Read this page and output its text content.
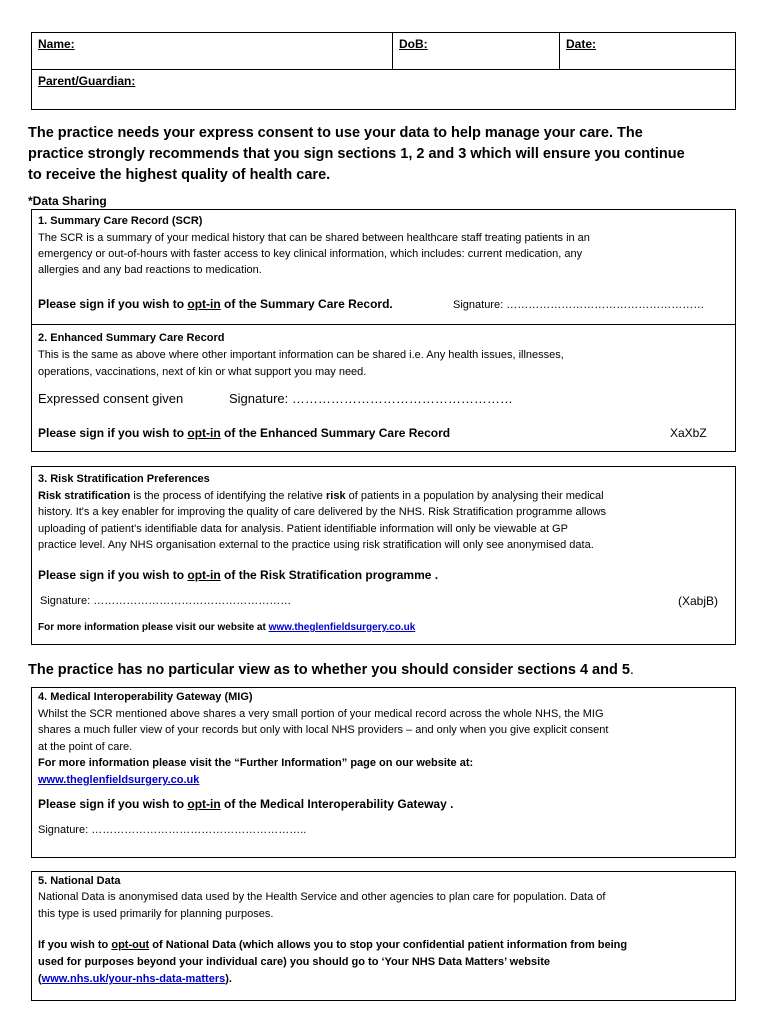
Name:	DoB:	Date:
Parent/Guardian:
The practice needs your express consent to use your data to help manage your care. The
practice strongly recommends that you sign sections 1, 2 and 3 which will ensure you continue
to receive the highest quality of health care.
*Data Sharing
1. Summary Care Record (SCR)
The SCR is a summary of your medical history that can be shared between healthcare staff treating patients in an
emergency or out-of-hours with faster access to key clinical information, which includes: current medication, any
allergies and any bad reactions to medication.
Please sign if you wish to opt-in of the Summary Care Record.	Signature: ………………………………………………
2. Enhanced Summary Care Record
This is the same as above where other important information can be shared i.e. Any health issues, illnesses,
operations, vaccinations, next of kin or what support you may need.
Expressed consent given	Signature: ……………………………………………
Please sign if you wish to opt-in of the Enhanced Summary Care Record	XaXbZ
3. Risk Stratification Preferences
Risk stratification is the process of identifying the relative risk of patients in a population by analysing their medical
history. It's a key enabler for improving the quality of care delivered by the NHS. Risk Stratification programme allows
uploading of patient’s identifiable data for analysis. Patient identifiable information will only be viewable at GP
practice level. Any NHS organisation external to the practice using risk stratification will only see anonymised data.
Please sign if you wish to opt-in of the Risk Stratification programme .
Signature: ………………………………………………	(XabjB)
For more information please visit our website at www.theglenfieldsurgery.co.uk
The practice has no particular view as to whether you should consider sections 4 and 5.
4. Medical Interoperability Gateway (MIG)
Whilst the SCR mentioned above shares a very small portion of your medical record across the whole NHS, the MIG
shares a much fuller view of your records but only with local NHS providers – and only when you give explicit consent
at the point of care.
For more information please visit the “Further Information” page on our website at:
www.theglenfieldsurgery.co.uk
Please sign if you wish to opt-in of the Medical Interoperability Gateway .
Signature: …………………………………………………..
5. National Data
National Data is anonymised data used by the Health Service and other agencies to plan care for population. Data of
this type is used primarily for planning purposes.
If you wish to opt-out of National Data (which allows you to stop your confidential patient information from being
used for purposes beyond your individual care) you should go to ‘Your NHS Data Matters’ website
(www.nhs.uk/your-nhs-data-matters).
